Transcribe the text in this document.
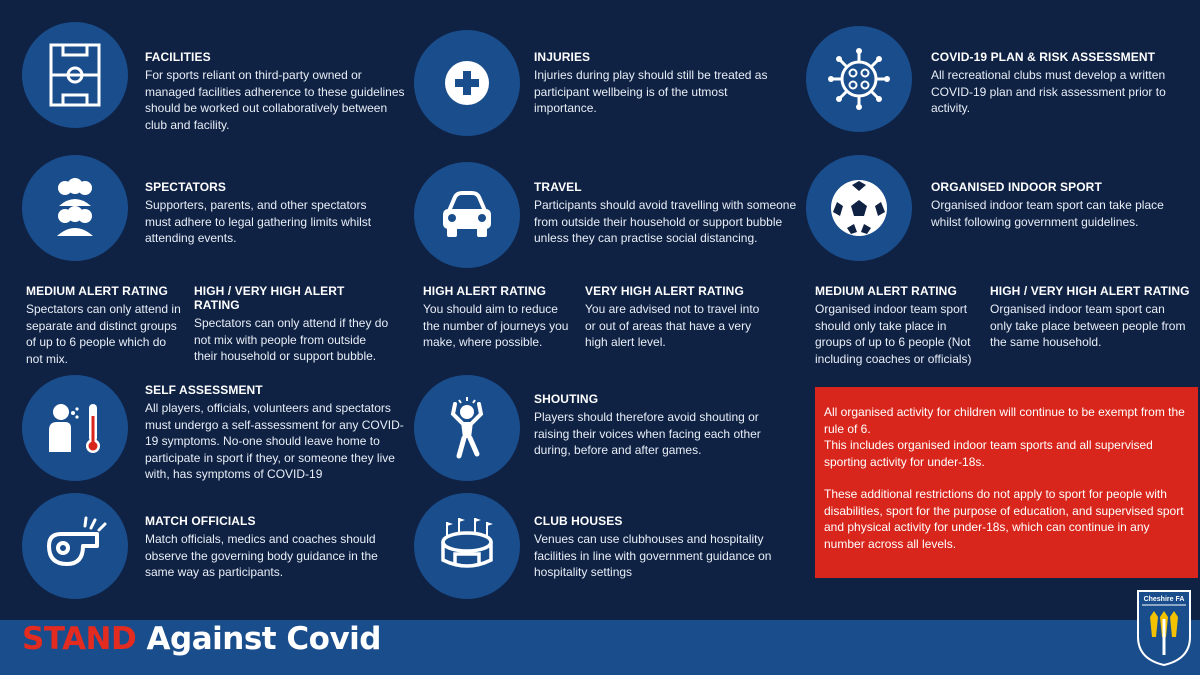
FACILITIES

For sports reliant on third-party owned or managed facilities adherence to these guidelines should be worked out collaboratively between club and facility.

INJURIES

Injuries during play should still be treated as participant wellbeing is of the utmost importance.

COVID-19 PLAN & RISK ASSESSMENT

All recreational clubs must develop a written COVID-19 plan and risk assessment prior to activity.

SPECTATORS

Supporters, parents, and other spectators must adhere to legal gathering limits whilst attending events.

TRAVEL

Participants should avoid travelling with someone from outside their household or support bubble unless they can practise social distancing.

ORGANISED INDOOR SPORT

Organised indoor team sport can take place whilst following government guidelines.

MEDIUM ALERT RATING

Spectators can only attend in separate and distinct groups of up to 6 people which do not mix.

HIGH / VERY HIGH ALERT RATING

Spectators can only attend if they do not mix with people from outside their household or support bubble.

HIGH ALERT RATING

You should aim to reduce the number of journeys you make, where possible.

VERY HIGH ALERT RATING

You are advised not to travel into or out of areas that have a very high alert level.

MEDIUM ALERT RATING

Organised indoor team sport should only take place in groups of up to 6 people (Not including coaches or officials)

HIGH / VERY HIGH ALERT RATING

Organised indoor team sport can only take place between people from the same household.

SELF ASSESSMENT

All players, officials, volunteers and spectators must undergo a self-assessment for any COVID-19 symptoms. No-one should leave home to participate in sport if they, or someone they live with, has symptoms of COVID-19

SHOUTING

Players should therefore avoid shouting or raising their voices when facing each other during, before and after games.

MATCH OFFICIALS

Match officials, medics and coaches should observe the governing body guidance in the same way as participants.

CLUB HOUSES

Venues can use clubhouses and hospitality facilities in line with government guidance on hospitality settings

All organised activity for children will continue to be exempt from the rule of 6.

This includes organised indoor team sports and all supervised sporting activity for under-18s.

These additional restrictions do not apply to sport for people with disabilities, sport for the purpose of education, and supervised sport and physical activity for under-18s, which can continue in any number across all levels.

STAND Against Covid
Cheshire FA
